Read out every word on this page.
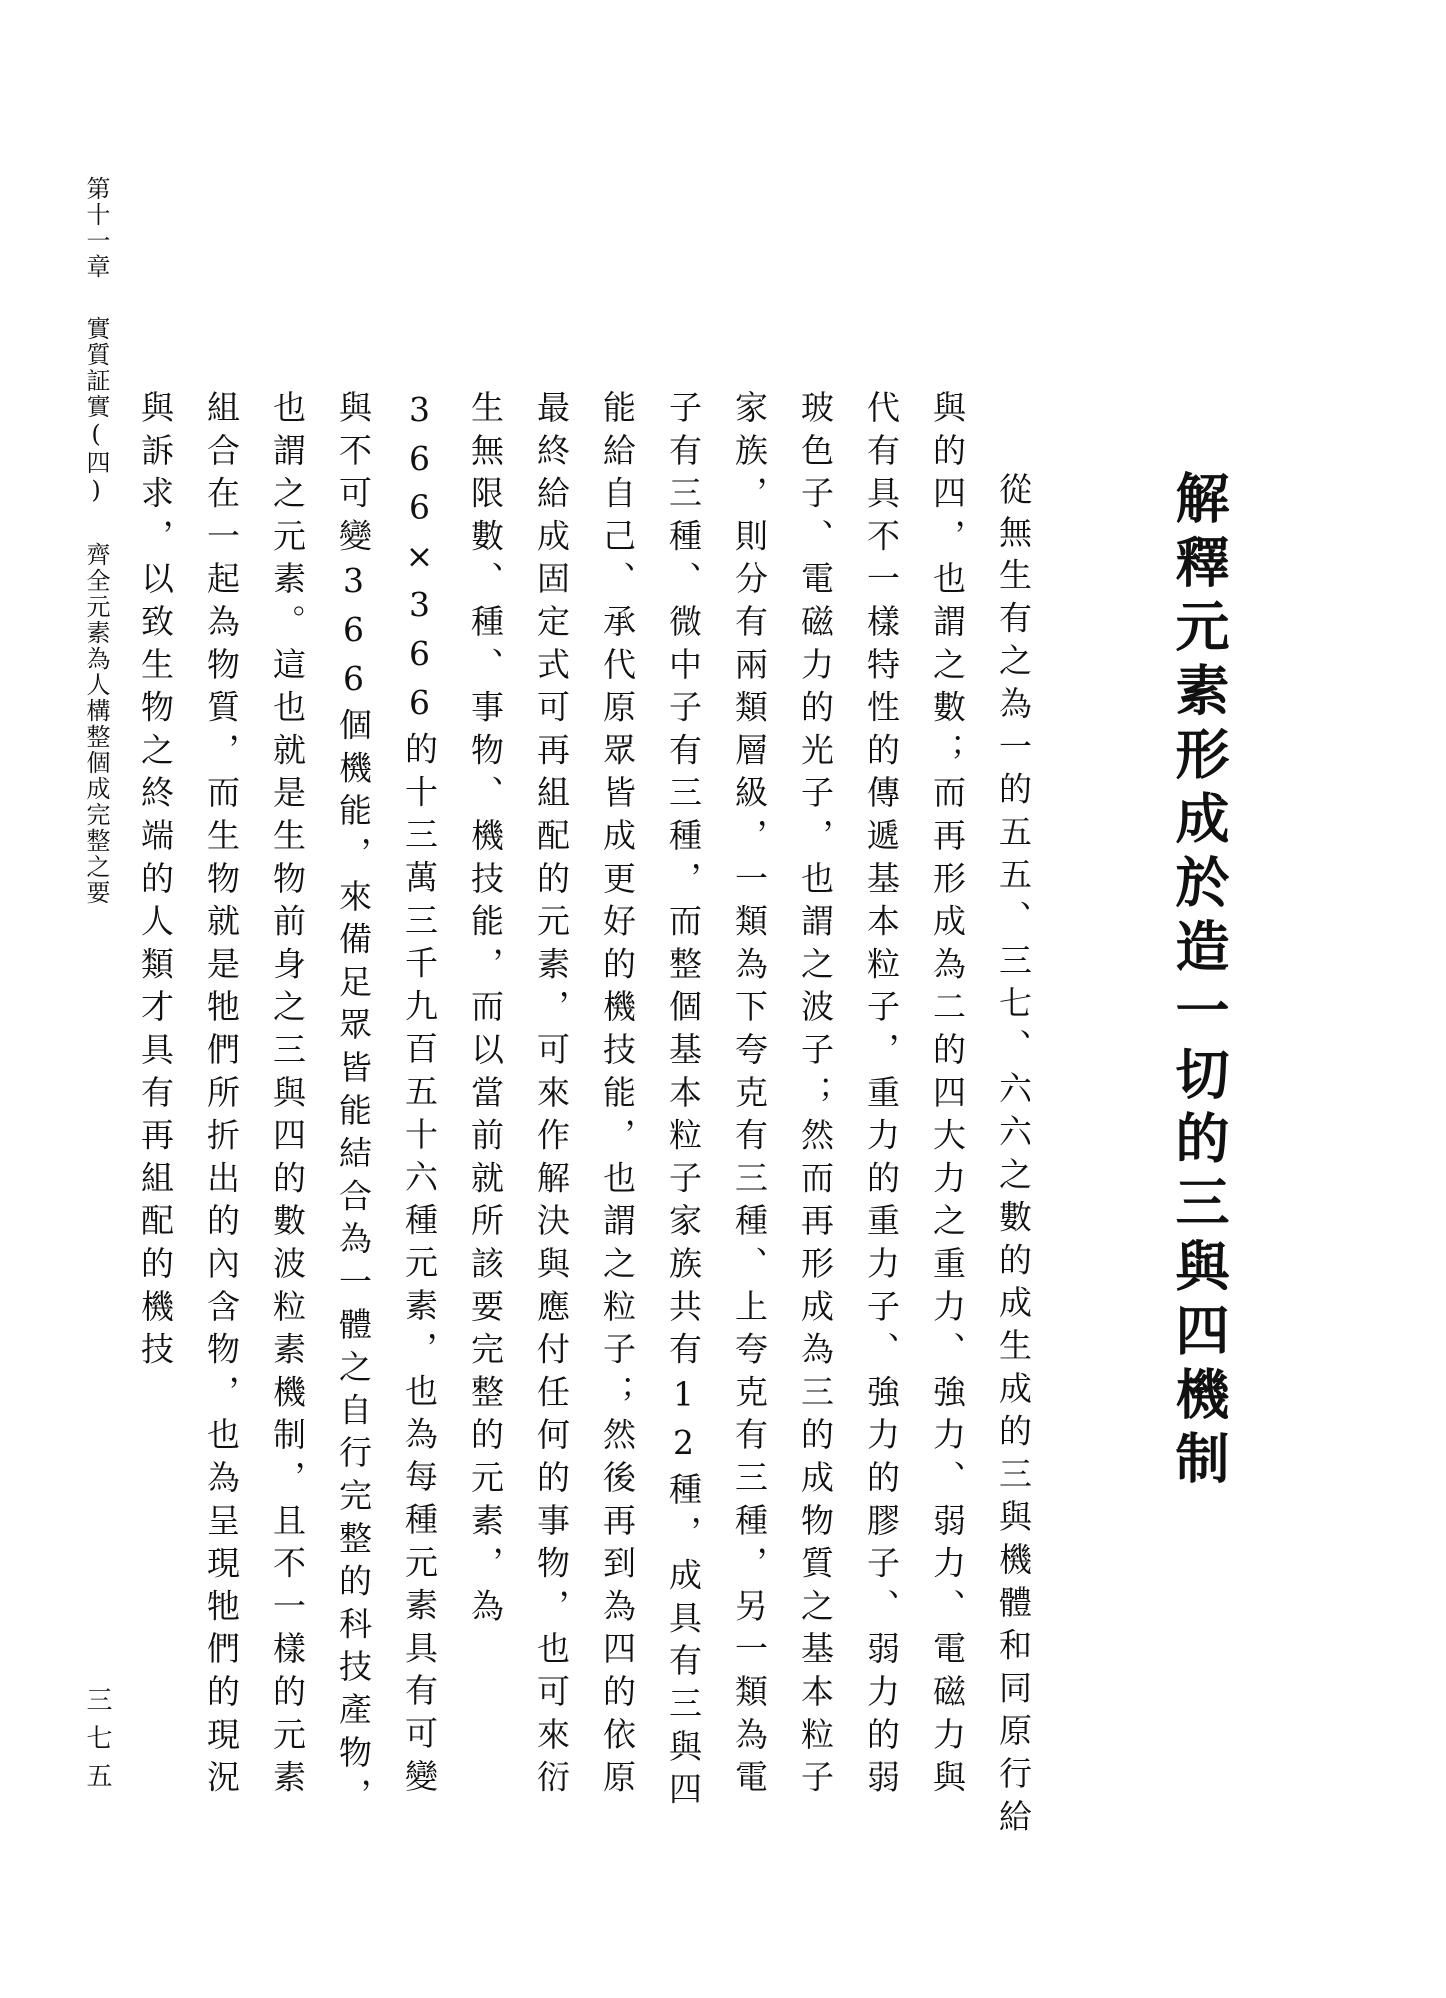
解釋元素形成於造一切的三與四機制
從無生有之為一的五五、三七、六六之數的成生成的三與機體和同原行給與的四，也謂之數；而再形成為二的四大力之重力、強力、弱力、電磁力與代有具不一樣特性的傳遞基本粒子，重力的重力子、強力的膠子、弱力的弱玻色子、電磁力的光子，也謂之波子；然而再形成為三的成物質之基本粒子家族，則分有兩類層級，一類為下夸克有三種、上夸克有三種，另一類為電子有三種、微中子有三種，而整個基本粒子家族共有12種，成具有三與四能給自己、承代原眾皆成更好的機技能，也謂之粒子；然後再到為四的依原最終給成固定式可再組配的元素，可來作解決與應付任何的事物，也可來衍生無限數、種、事物、機技能，而以當前就所該要完整的元素，為366×366的十三萬三千九百五十六種元素，也為每種元素具有可變與不可變366個機能，來備足眾皆能結合為一體之自行完整的科技產物，也謂之元素。這也就是生物前身之三與四的數波粒素機制，且不一樣的元素組合在一起為物質，而生物就是牠們所折出的內含物，也為呈現牠們的現況與訴求，以致生物之終端的人類才具有再組配的機技
第十一章實質証實(四)齊全元素為人構整個成完整之要
三七五
